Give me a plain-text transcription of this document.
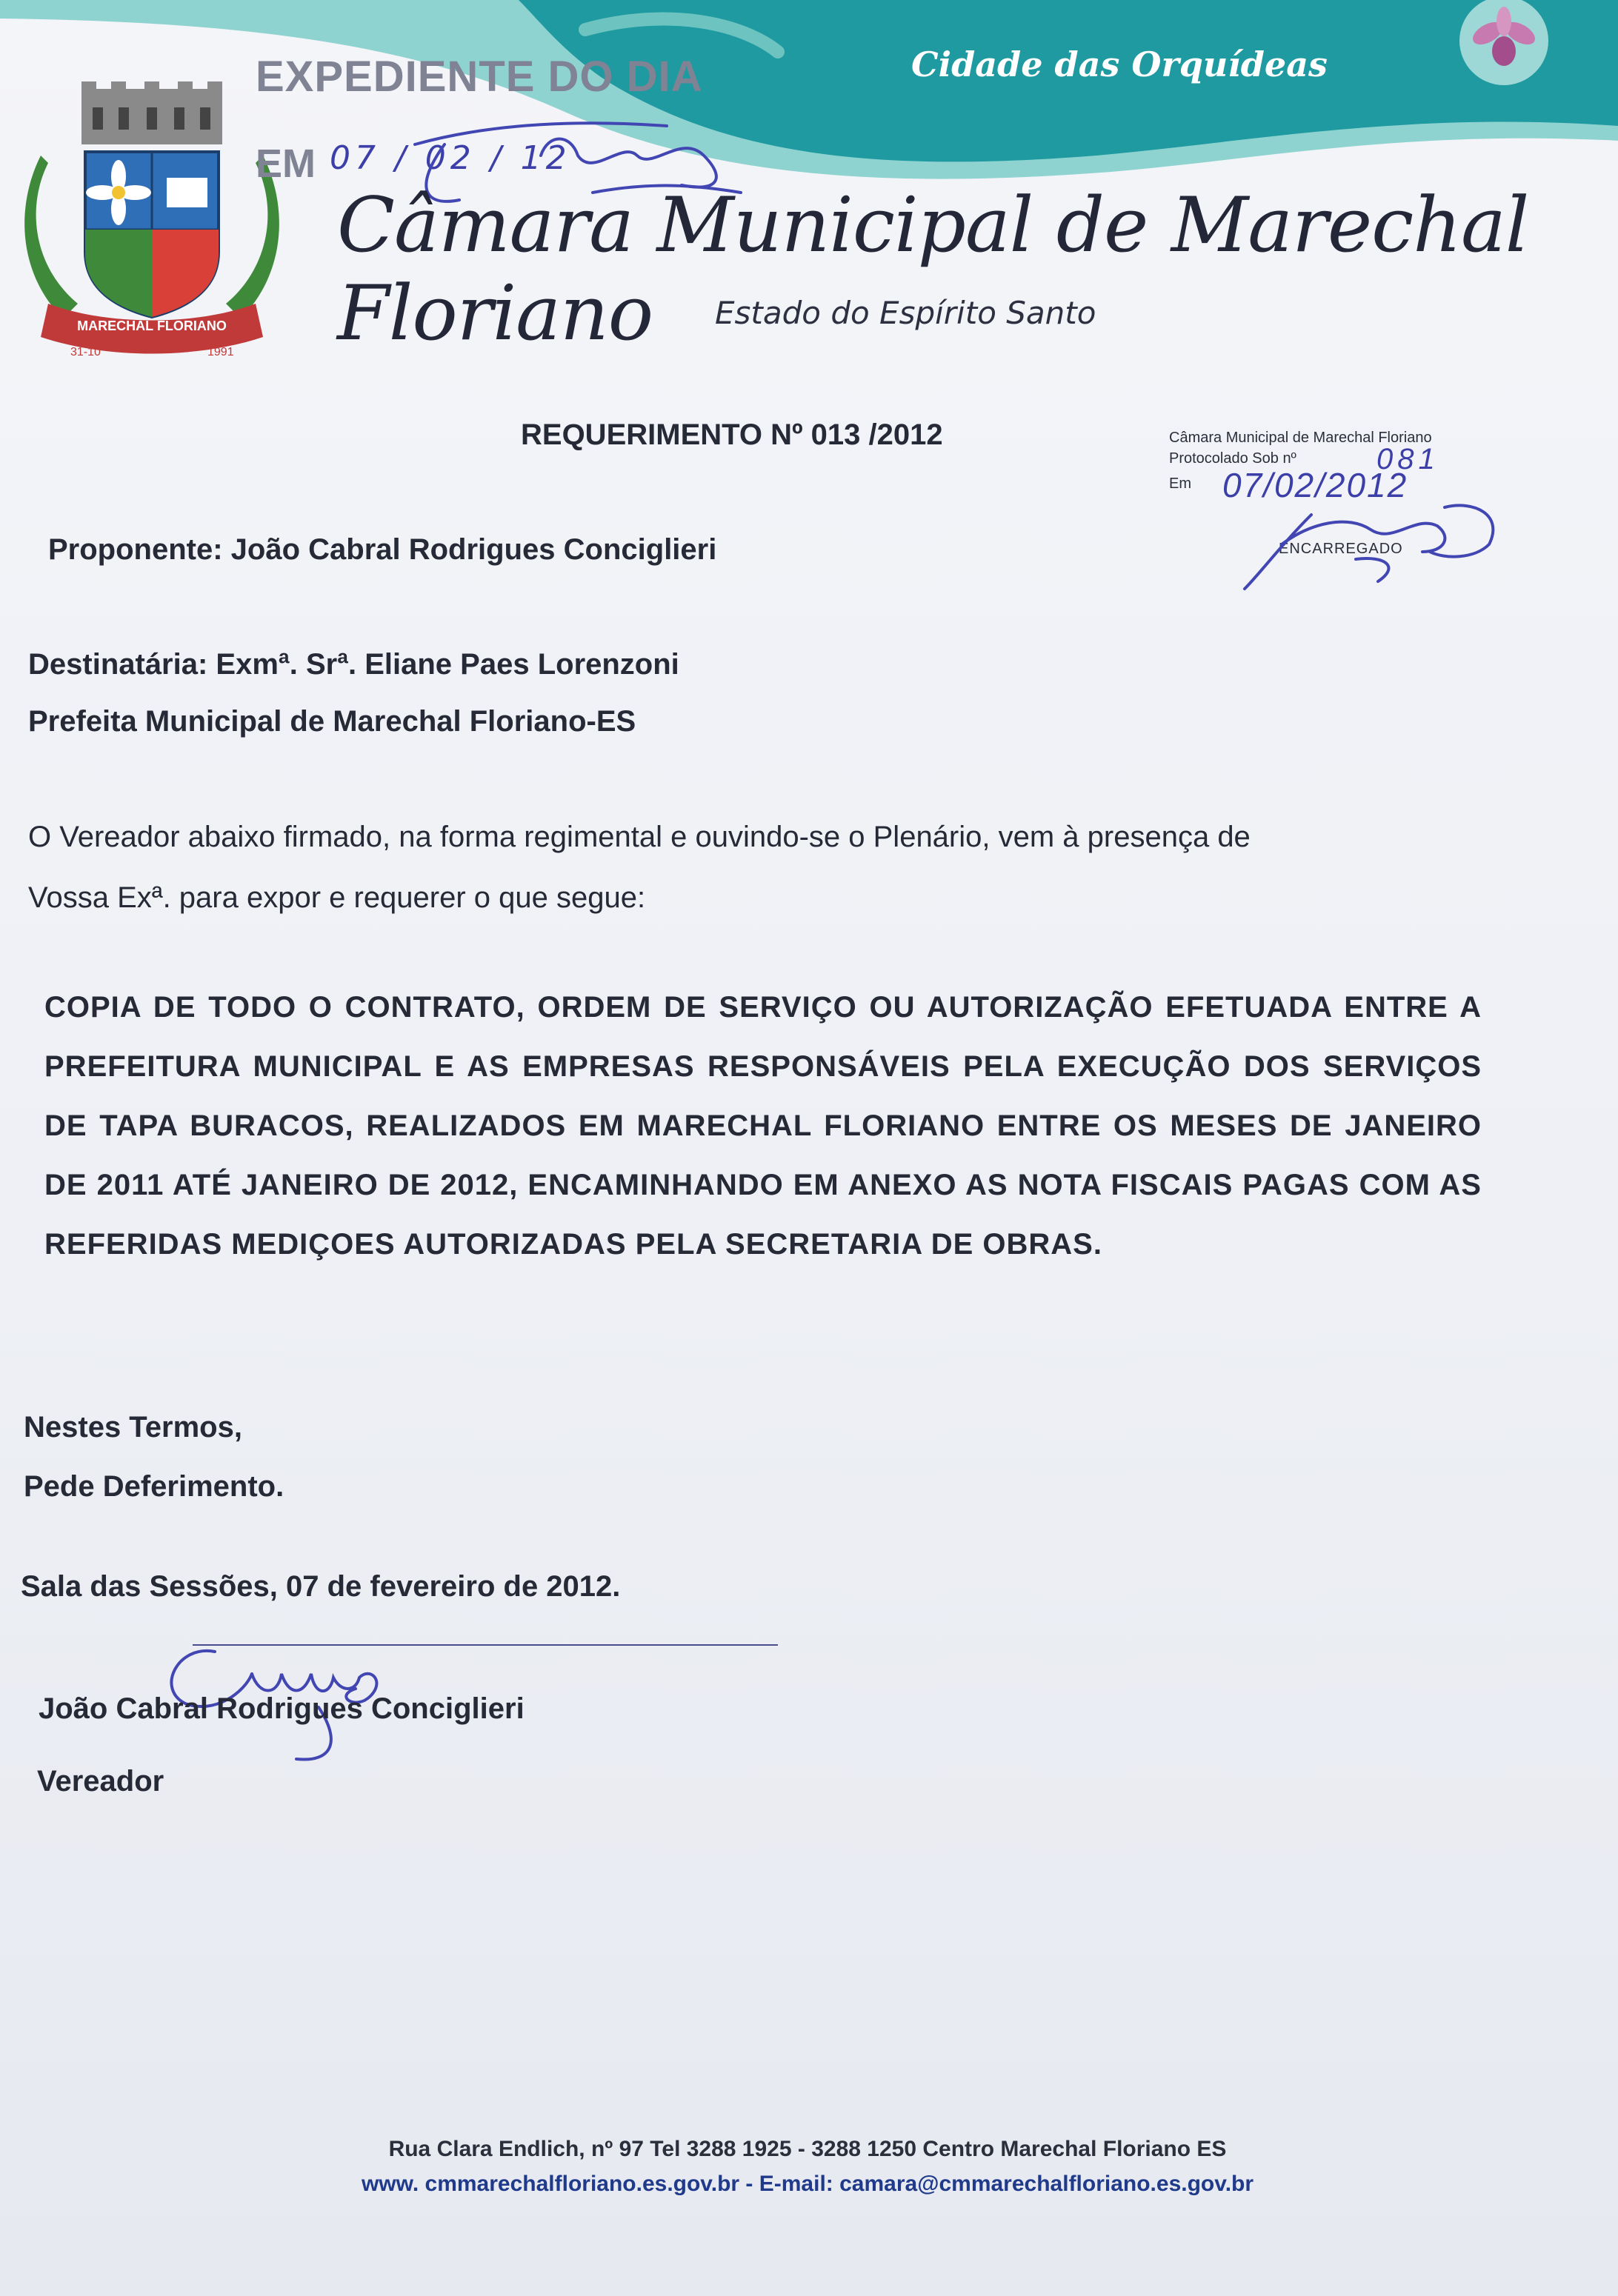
Cidade das Orquídeas
MARECHAL FLORIANO
31-10	1991
EXPEDIENTE DO DIA
EM 07 / 02 / 12
Câmara Municipal de Marechal Floriano	Estado do Espírito Santo
REQUERIMENTO Nº 013 /2012	Câmara Municipal de Marechal Floriano
Protocolado Sob nº	081
Em 07/02/2012
ENCARREGADO
Proponente: João Cabral Rodrigues Conciglieri
Destinatária: Exmª. Srª. Eliane Paes Lorenzoni
Prefeita Municipal de Marechal Floriano-ES
O Vereador abaixo firmado, na forma regimental e ouvindo-se o Plenário, vem à presença de
Vossa Exª. para expor e requerer o que segue:
COPIA DE TODO O CONTRATO, ORDEM DE SERVIÇO OU AUTORIZAÇÃO EFETUADA ENTRE A PREFEITURA MUNICIPAL E AS EMPRESAS RESPONSÁVEIS PELA EXECUÇÃO DOS SERVIÇOS DE TAPA BURACOS, REALIZADOS EM MARECHAL FLORIANO ENTRE OS MESES DE JANEIRO DE 2011 ATÉ JANEIRO DE 2012, ENCAMINHANDO EM ANEXO AS NOTA FISCAIS PAGAS COM AS REFERIDAS MEDIÇOES AUTORIZADAS PELA SECRETARIA DE OBRAS.
Nestes Termos,
Pede Deferimento.
Sala das Sessões, 07 de fevereiro de 2012.
João Cabral Rodrigues Conciglieri
Vereador
Rua Clara Endlich, nº 97 Tel 3288 1925 - 3288 1250 Centro Marechal Floriano ES
www. cmmarechalfloriano.es.gov.br - E-mail: camara@cmmarechalfloriano.es.gov.br
